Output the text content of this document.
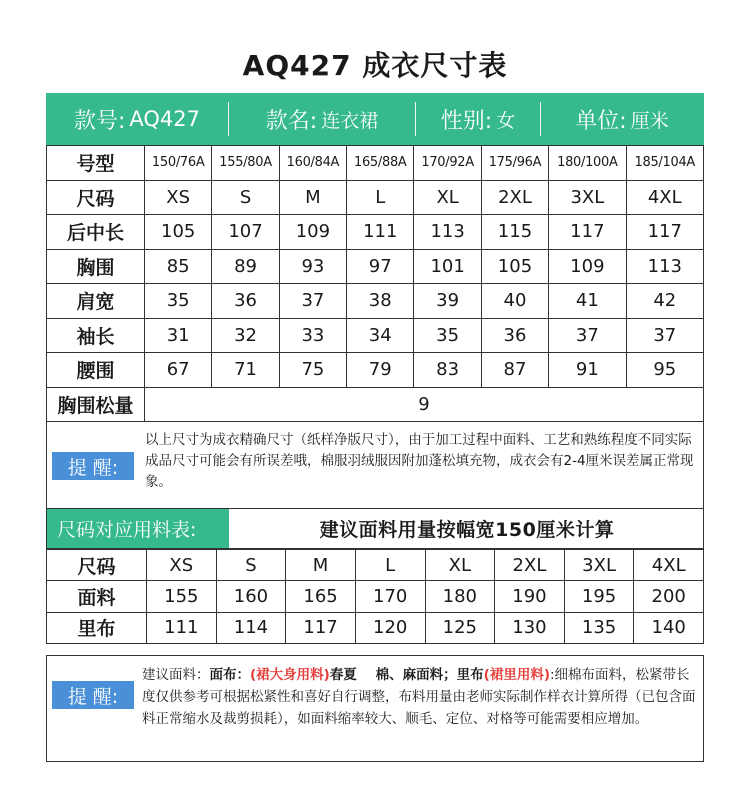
AQ427 成衣尺寸表
款号: AQ427	款名: 连衣裙	性别: 女	单位: 厘米
号型	150/76A	155/80A	160/84A	165/88A	170/92A	175/96A	180/100A	185/104A
尺码	XS	S	M	L	XL	2XL	3XL	4XL
后中长	105	107	109	111	113	115	117	117
胸围	85	89	93	97	101	105	109	113
肩宽	35	36	37	38	39	40	41	42
袖长	31	32	33	34	35	36	37	37
腰围	67	71	75	79	83	87	91	95
胸围松量	9							
提 醒:
以上尺寸为成衣精确尺寸（纸样净版尺寸），由于加工过程中面料、工艺和熟练程度不同实际成品尺寸可能会有所误差哦，棉服羽绒服因附加蓬松填充物，成衣会有2-4厘米误差属正常现象。
尺码对应用料表:	建议面料用量按幅宽150厘米计算
尺码	XS	S	M	L	XL	2XL	3XL	4XL
面料	155	160	165	170	180	190	195	200
里布	111	114	117	120	125	130	135	140
提 醒:
建议面料：面布：(裙大身用料)春夏    棉、麻面料；里布(裙里用料):细棉布面料，松紧带长度仅供参考可根据松紧性和喜好自行调整，布料用量由老师实际制作样衣计算所得（已包含面料正常缩水及裁剪损耗），如面料缩率较大、顺毛、定位、对格等可能需要相应增加。
